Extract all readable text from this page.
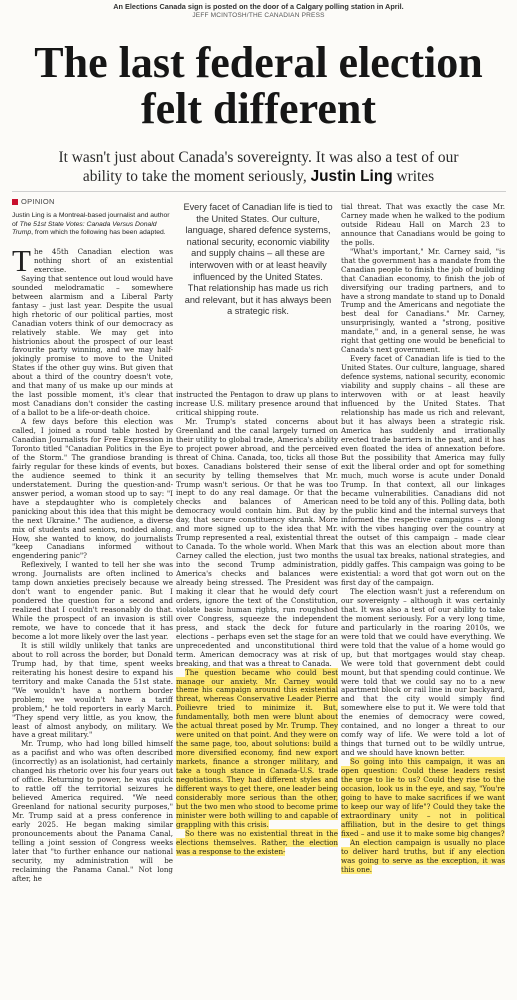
An Elections Canada sign is posted on the door of a Calgary polling station in April.
JEFF MCINTOSH/THE CANADIAN PRESS
The last federal election
felt different
It wasn't just about Canada's sovereignty. It was also a test of our ability to take the moment seriously, Justin Ling writes
OPINION
Justin Ling is a Montreal-based journalist and author of The 51st State Votes: Canada Versus Donald Trump, from which the following has been adapted.
Every facet of Canadian life is tied to the United States. Our culture, language, shared defence systems, national security, economic viability and supply chains – all these are interwoven with or at least heavily influenced by the United States. That relationship has made us rich and relevant, but it has always been a strategic risk.

The 45th Canadian election was nothing short of an existential exercise.

Saying that sentence out loud would have sounded melodramatic – somewhere between alarmism and a Liberal Party fantasy – just last year. Despite the usual high rhetoric of our political parties, most Canadian voters think of our democracy as relatively stable. We may get into histrionics about the prospect of our least favourite party winning, and we may half-jokingly promise to move to the United States if the other guy wins. But given that about a third of the country doesn't vote, and that many of us make up our minds at the last possible moment, it's clear that most Canadians don't consider the casting of a ballot to be a life-or-death choice.

A few days before this election was called, I joined a round table hosted by Canadian Journalists for Free Expression in Toronto titled "Canadian Politics in the Eye of the Storm." The grandiose branding is fairly regular for these kinds of events, but the audience seemed to think it an understatement. During the question-and-answer period, a woman stood up to say: "I have a stepdaughter who is completely panicking about this idea that this might be the next Ukraine." The audience, a diverse mix of students and seniors, nodded along. How, she wanted to know, do journalists "keep Canadians informed without engendering panic"?

Reflexively, I wanted to tell her she was wrong. Journalists are often inclined to tamp down anxieties precisely because we don't want to engender panic. But I pondered the question for a second and realized that I couldn't reasonably do that. While the prospect of an invasion is still remote, we have to concede that it has become a lot more likely over the last year.

It is still wildly unlikely that tanks are about to roll across the border, but Donald Trump had, by that time, spent weeks reiterating his honest desire to expand his territory and make Canada the 51st state. "We wouldn't have a northern border problem; we wouldn't have a tariff problem," he told reporters in early March. "They spend very little, as you know, the least of almost anybody, on military. We have a great military."

Mr. Trump, who had long billed himself as a pacifist and who was often described (incorrectly) as an isolationist, had certainly changed his rhetoric over his four years out of office. Returning to power, he was quick to rattle off the territorial seizures he believed America required. "We need Greenland for national security purposes," Mr. Trump said at a press conference in early 2025. He began making similar pronouncements about the Panama Canal, telling a joint session of Congress weeks later that "to further enhance our national security, my administration will be reclaiming the Panama Canal." Not long after, he

instructed the Pentagon to draw up plans to increase U.S. military presence around that critical shipping route.

Mr. Trump's stated concerns about Greenland and the canal largely turned on their utility to global trade, America's ability to project power abroad, and the perceived threat of China. Canada, too, ticks all those boxes. Canadians bolstered their sense of security by telling themselves that Mr. Trump wasn't serious. Or that he was too inept to do any real damage. Or that the checks and balances of American democracy would contain him. But day by day, that secure constituency shrank. More and more signed up to the idea that Mr. Trump represented a real, existential threat to Canada. To the whole world. When Mark Carney called the election, just two months into the second Trump administration, America's checks and balances were already being stressed. The President was making it clear that he would defy court orders, ignore the text of the Constitution, violate basic human rights, run roughshod over Congress, squeeze the independent press, and stack the deck for future elections – perhaps even set the stage for an unprecedented and unconstitutional third term. American democracy was at risk of breaking, and that was a threat to Canada.

The question became who could best manage our anxiety. Mr. Carney would theme his campaign around this existential threat, whereas Conservative Leader Pierre Poilievre tried to minimize it. But, fundamentally, both men were blunt about the actual threat posed by Mr. Trump. They were united on that point. And they were on the same page, too, about solutions: build a more diversified economy, find new export markets, finance a stronger military, and take a tough stance in Canada-U.S. trade negotiations. They had different styles and different ways to get there, one leader being considerably more serious than the other, but the two men who stood to become prime minister were both willing to and capable of grappling with this crisis.

So there was no existential threat in the elections themselves. Rather, the election was a response to the existen-

tial threat. That was exactly the case Mr. Carney made when he walked to the podium outside Rideau Hall on March 23 to announce that Canadians would be going to the polls.

"What's important," Mr. Carney said, "is that the government has a mandate from the Canadian people to finish the job of building that Canadian economy, to finish the job of diversifying our trading partners, and to have a strong mandate to stand up to Donald Trump and the Americans and negotiate the best deal for Canadians." Mr. Carney, unsurprisingly, wanted a "strong, positive mandate," and, in a general sense, he was right that getting one would be beneficial to Canada's next government.

Every facet of Canadian life is tied to the United States. Our culture, language, shared defence systems, national security, economic viability and supply chains – all these are interwoven with or at least heavily influenced by the United States. That relationship has made us rich and relevant, but it has always been a strategic risk. America has suddenly and irrationally erected trade barriers in the past, and it has even floated the idea of annexation before. But the possibility that America may fully exit the liberal order and opt for something much, much worse is acute under Donald Trump. In that context, all our linkages became vulnerabilities. Canadians did not need to be told any of this. Polling data, both the public kind and the internal surveys that informed the respective campaigns – along with the vibes hanging over the country at the outset of this campaign – made clear that this was an election about more than the usual tax breaks, national strategies, and piddly gaffes. This campaign was going to be existential: a word that got worn out on the first day of the campaign.

The election wasn't just a referendum on our sovereignty – although it was certainly that. It was also a test of our ability to take the moment seriously. For a very long time, and particularly in the roaring 2010s, we were told that we could have everything. We were told that the value of a home would go up, but that mortgages would stay cheap. We were told that government debt could mount, but that spending could continue. We were told that we could say no to a new apartment block or rail line in our backyard, and that the city would simply find somewhere else to put it. We were told that the enemies of democracy were cowed, contained, and no longer a threat to our comfy way of life. We were told a lot of things that turned out to be wildly untrue, and we should have known better.

So going into this campaign, it was an open question: Could these leaders resist the urge to lie to us? Could they rise to the occasion, look us in the eye, and say, "You're going to have to make sacrifices if we want to keep our way of life"? Could they take the extraordinary unity – not in political affiliation, but in the desire to get things fixed – and use it to make some big changes?

An election campaign is usually no place to deliver hard truths, but if any election was going to serve as the exception, it was this one.
